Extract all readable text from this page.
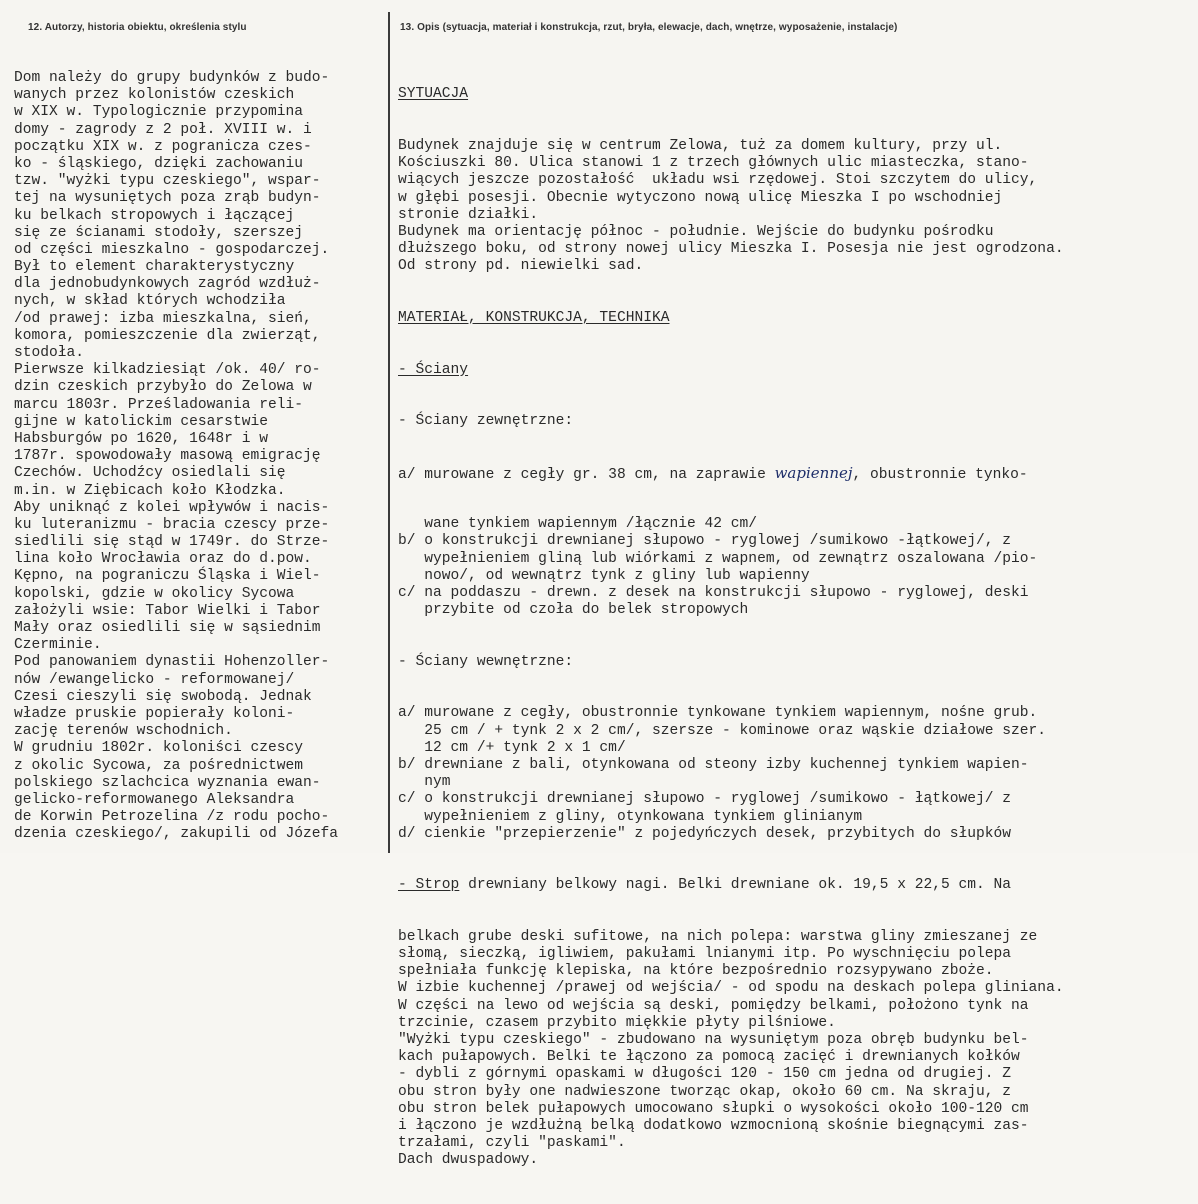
12. Autorzy, historia obiektu, określenia stylu	13. Opis (sytuacja, materiał i konstrukcja, rzut, bryła, elewacje, dach, wnętrze, wyposażenie, instalacje)
Dom należy do grupy budynków z budo-
wanych przez kolonistów czeskich
w XIX w. Typologicznie przypomina
domy - zagrody z 2 poł. XVIII w. i
początku XIX w. z pogranicza czes-
ko - śląskiego, dzięki zachowaniu
tzw. "wyżki typu czeskiego", wspar-
tej na wysuniętych poza zrąb budyn-
ku belkach stropowych i łączącej
się ze ścianami stodoły, szerszej
od części mieszkalno - gospodarczej.
Był to element charakterystyczny
dla jednobudynkowych zagród wzdłuż-
nych, w skład których wchodziła
/od prawej: izba mieszkalna, sień,
komora, pomieszczenie dla zwierząt,
stodoła.
Pierwsze kilkadziesiąt /ok. 40/ ro-
dzin czeskich przybyło do Zelowa w
marcu 1803r. Prześladowania reli-
gijne w katolickim cesarstwie
Habsburgów po 1620, 1648r i w
1787r. spowodowały masową emigrację
Czechów. Uchodźcy osiedlali się
m.in. w Ziębicach koło Kłodzka.
Aby uniknąć z kolei wpływów i nacis-
ku luteranizmu - bracia czescy prze-
siedlili się stąd w 1749r. do Strze-
lina koło Wrocławia oraz do d.pow.
Kępno, na pograniczu Śląska i Wiel-
kopolski, gdzie w okolicy Sycowa
założyli wsie: Tabor Wielki i Tabor
Mały oraz osiedlili się w sąsiednim
Czerminie.
Pod panowaniem dynastii Hohenzoller-
nów /ewangelicko - reformowanej/
Czesi cieszyli się swobodą. Jednak
władze pruskie popierały koloni-
zację terenów wschodnich.
W grudniu 1802r. koloniści czescy
z okolic Sycowa, za pośrednictwem
polskiego szlachcica wyznania ewan-
gelicko-reformowanego Aleksandra
de Korwin Petrozelina /z rodu pocho-
dzenia czeskiego/, zakupili od Józefa

SYTUACJA

Budynek znajduje się w centrum Zelowa, tuż za domem kultury, przy ul.
Kościuszki 80. Ulica stanowi 1 z trzech głównych ulic miasteczka, stano-
wiących jeszcze pozostałość  układu wsi rzędowej. Stoi szczytem do ulicy,
w głębi posesji. Obecnie wytyczono nową ulicę Mieszka I po wschodniej
stronie działki.
Budynek ma orientację północ - południe. Wejście do budynku pośrodku
dłuższego boku, od strony nowej ulicy Mieszka I. Posesja nie jest ogrodzona.
Od strony pd. niewielki sad.

MATERIAŁ, KONSTRUKCJA, TECHNIKA

- Ściany

- Ściany zewnętrzne:

a/ murowane z cegły gr. 38 cm, na zaprawie wapiennej, obustronnie tynko-

wane tynkiem wapiennym /łącznie 42 cm/
b/ o konstrukcji drewnianej słupowo - ryglowej /sumikowo -łątkowej/, z
wypełnieniem gliną lub wiórkami z wapnem, od zewnątrz oszalowana /pio-
nowo/, od wewnątrz tynk z gliny lub wapienny
c/ na poddaszu - drewn. z desek na konstrukcji słupowo - ryglowej, deski
przybite od czoła do belek stropowych

- Ściany wewnętrzne:

a/ murowane z cegły, obustronnie tynkowane tynkiem wapiennym, nośne grub.
25 cm / + tynk 2 x 2 cm/, szersze - kominowe oraz wąskie działowe szer.
12 cm /+ tynk 2 x 1 cm/
b/ drewniane z bali, otynkowana od steony izby kuchennej tynkiem wapien-
nym
c/ o konstrukcji drewnianej słupowo - ryglowej /sumikowo - łątkowej/ z
wypełnieniem z gliny, otynkowana tynkiem glinianym
d/ cienkie "przepierzenie" z pojedyńczych desek, przybitych do słupków

- Strop drewniany belkowy nagi. Belki drewniane ok. 19,5 x 22,5 cm. Na

belkach grube deski sufitowe, na nich polepa: warstwa gliny zmieszanej ze
słomą, sieczką, igliwiem, pakułami lnianymi itp. Po wyschnięciu polepa
spełniała funkcję klepiska, na które bezpośrednio rozsypywano zboże.
W izbie kuchennej /prawej od wejścia/ - od spodu na deskach polepa gliniana.
W części na lewo od wejścia są deski, pomiędzy belkami, położono tynk na
trzcinie, czasem przybito miękkie płyty pilśniowe.
"Wyżki typu czeskiego" - zbudowano na wysuniętym poza obręb budynku bel-
kach pułapowych. Belki te łączono za pomocą zacięć i drewnianych kołków
- dybli z górnymi opaskami w długości 120 - 150 cm jedna od drugiej. Z
obu stron były one nadwieszone tworząc okap, około 60 cm. Na skraju, z
obu stron belek pułapowych umocowano słupki o wysokości około 100-120 cm
i łączono je wzdłużną belką dodatkowo wzmocnioną skośnie biegnącymi zas-
trzałami, czyli "paskami".
Dach dwuspadowy.
